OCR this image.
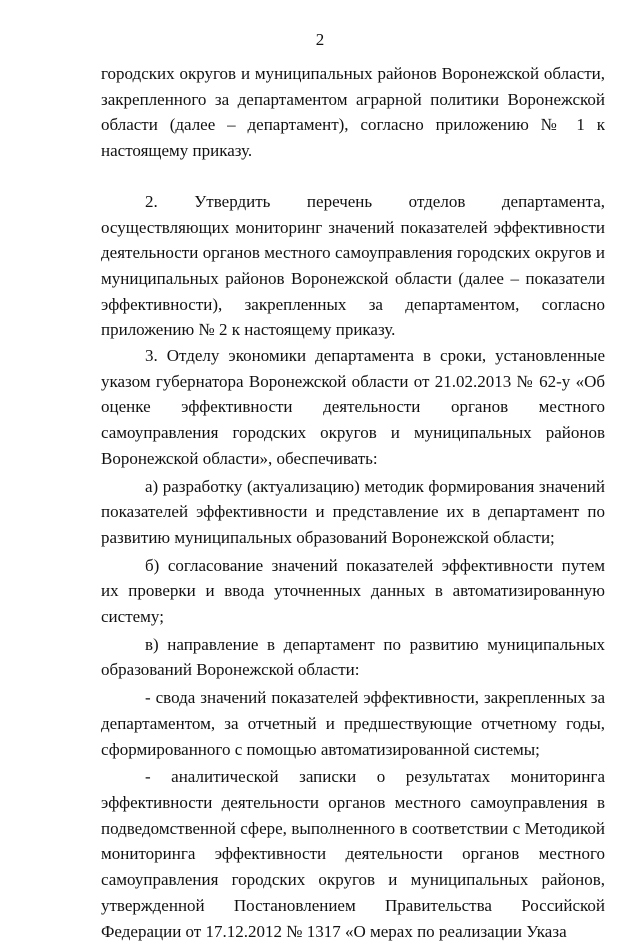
2

городских округов и муниципальных районов Воронежской области, закрепленного за департаментом аграрной политики Воронежской области (далее – департамент), согласно приложению № 1 к настоящему приказу.

2. Утвердить перечень отделов департамента, осуществляющих мониторинг значений показателей эффективности деятельности органов местного самоуправления городских округов и муниципальных районов Воронежской области (далее – показатели эффективности), закрепленных за департаментом, согласно приложению № 2 к настоящему приказу.

3. Отделу экономики департамента в сроки, установленные указом губернатора Воронежской области от 21.02.2013 № 62-у «Об оценке эффективности деятельности органов местного самоуправления городских округов и муниципальных районов Воронежской области», обеспечивать:

а) разработку (актуализацию) методик формирования значений показателей эффективности и представление их в департамент по развитию муниципальных образований Воронежской области;

б) согласование значений показателей эффективности путем их проверки и ввода уточненных данных в автоматизированную систему;

в) направление в департамент по развитию муниципальных образований Воронежской области:

- свода значений показателей эффективности, закрепленных за департаментом, за отчетный и предшествующие отчетному годы, сформированного с помощью автоматизированной системы;

- аналитической записки о результатах мониторинга эффективности деятельности органов местного самоуправления в подведомственной сфере, выполненного в соответствии с Методикой мониторинга эффективности деятельности органов местного самоуправления городских округов и муниципальных районов, утвержденной Постановлением Правительства Российской Федерации от 17.12.2012 № 1317 «О мерах по реализации Указа
